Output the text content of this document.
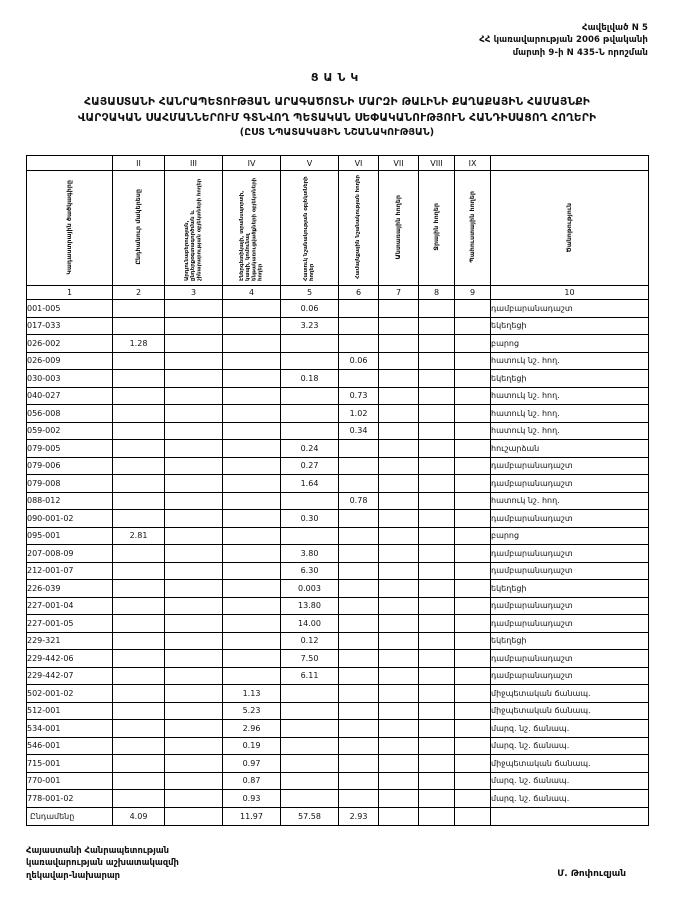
Հավելված N 5
ՀՀ կառավարության 2006 թվականի
մարտի 9-ի N 435-Ն որոշման
ՑԱՆԿ
ՀԱՅԱՍՏԱՆԻ ՀԱՆՐԱՊԵՏՈՒԹՅԱՆ ԱՐԱԳԱԾՈՏՆԻ ՄԱՐԶԻ ԹԱԼԻՆԻ ՔԱՂԱՔԱՅԻՆ ՀԱՄԱՅՆՔԻ
ՎԱՐՉԱԿԱՆ ՍԱՀՄԱՆՆԵՐՈՒՄ ԳՏՆՎՈՂ ՊԵՏԱԿԱՆ ՍԵՓԱԿԱՆՈՒԹՅՈՒՆ ՀԱՆԴԻՍԱՑՈՂ ՀՈՂԵՐԻ
(ԸՍՏ ՆՊԱՏԱԿԱՅԻՆ ՆՇԱՆԱԿՈՒԹՅԱՆ)
	II	III	IV	V	VI	VII	VIII	IX	
Կադաստրային ծածկագիրը	Ընդհանուր մակերեսը	Արդյունաբերության, ընդերքօգտագործման և շինարարության օբյեկտների հողեր	Էներգետիկայի, տրանսպորտի, կապի, կոմունալ ենթակառուցվածքների օբյեկտների հողեր	Հատուկ նշանակության օբյեկտների հողեր	Համայնքային նշանակության հողեր	Անտառային հողեր	Ջրային հողեր	Պահուստային հողեր	Ծանոթություն
1	2	3	4	5	6	7	8	9	10
001-005				0.06					դամբարանադաշտ
017-033				3.23					եկեղեցի
026-002	1.28								բարոց
026-009					0.06				հատուկ նշ. հող.
030-003				0.18					եկեղեցի
040-027					0.73				հատուկ նշ. հող.
056-008					1.02				հատուկ նշ. հող.
059-002					0.34				հատուկ նշ. հող.
079-005				0.24					հուշարձան
079-006				0.27					դամբարանադաշտ
079-008				1.64					դամբարանադաշտ
088-012					0.78				հատուկ նշ. հող.
090-001-02				0.30					դամբարանադաշտ
095-001	2.81								բարոց
207-008-09				3.80					դամբարանադաշտ
212-001-07				6.30					դամբարանադաշտ
226-039				0.003					եկեղեցի
227-001-04				13.80					դամբարանադաշտ
227-001-05				14.00					դամբարանադաշտ
229-321				0.12					եկեղեցի
229-442-06				7.50					դամբարանադաշտ
229-442-07				6.11					դամբարանադաշտ
502-001-02			1.13						միջպետական ճանապ.
512-001			5.23						միջպետական ճանապ.
534-001			2.96						մարզ. նշ. ճանապ.
546-001			0.19						մարզ. նշ. ճանապ.
715-001			0.97						միջպետական ճանապ.
770-001			0.87						մարզ. նշ. ճանապ.
778-001-02			0.93						մարզ. նշ. ճանապ.
Ընդամենը	4.09		11.97	57.58	2.93				
Հայաստանի Հանրապետության
կառավարության աշխատակազմի
ղեկավար-նախարար	Մ. Թոփուզյան
